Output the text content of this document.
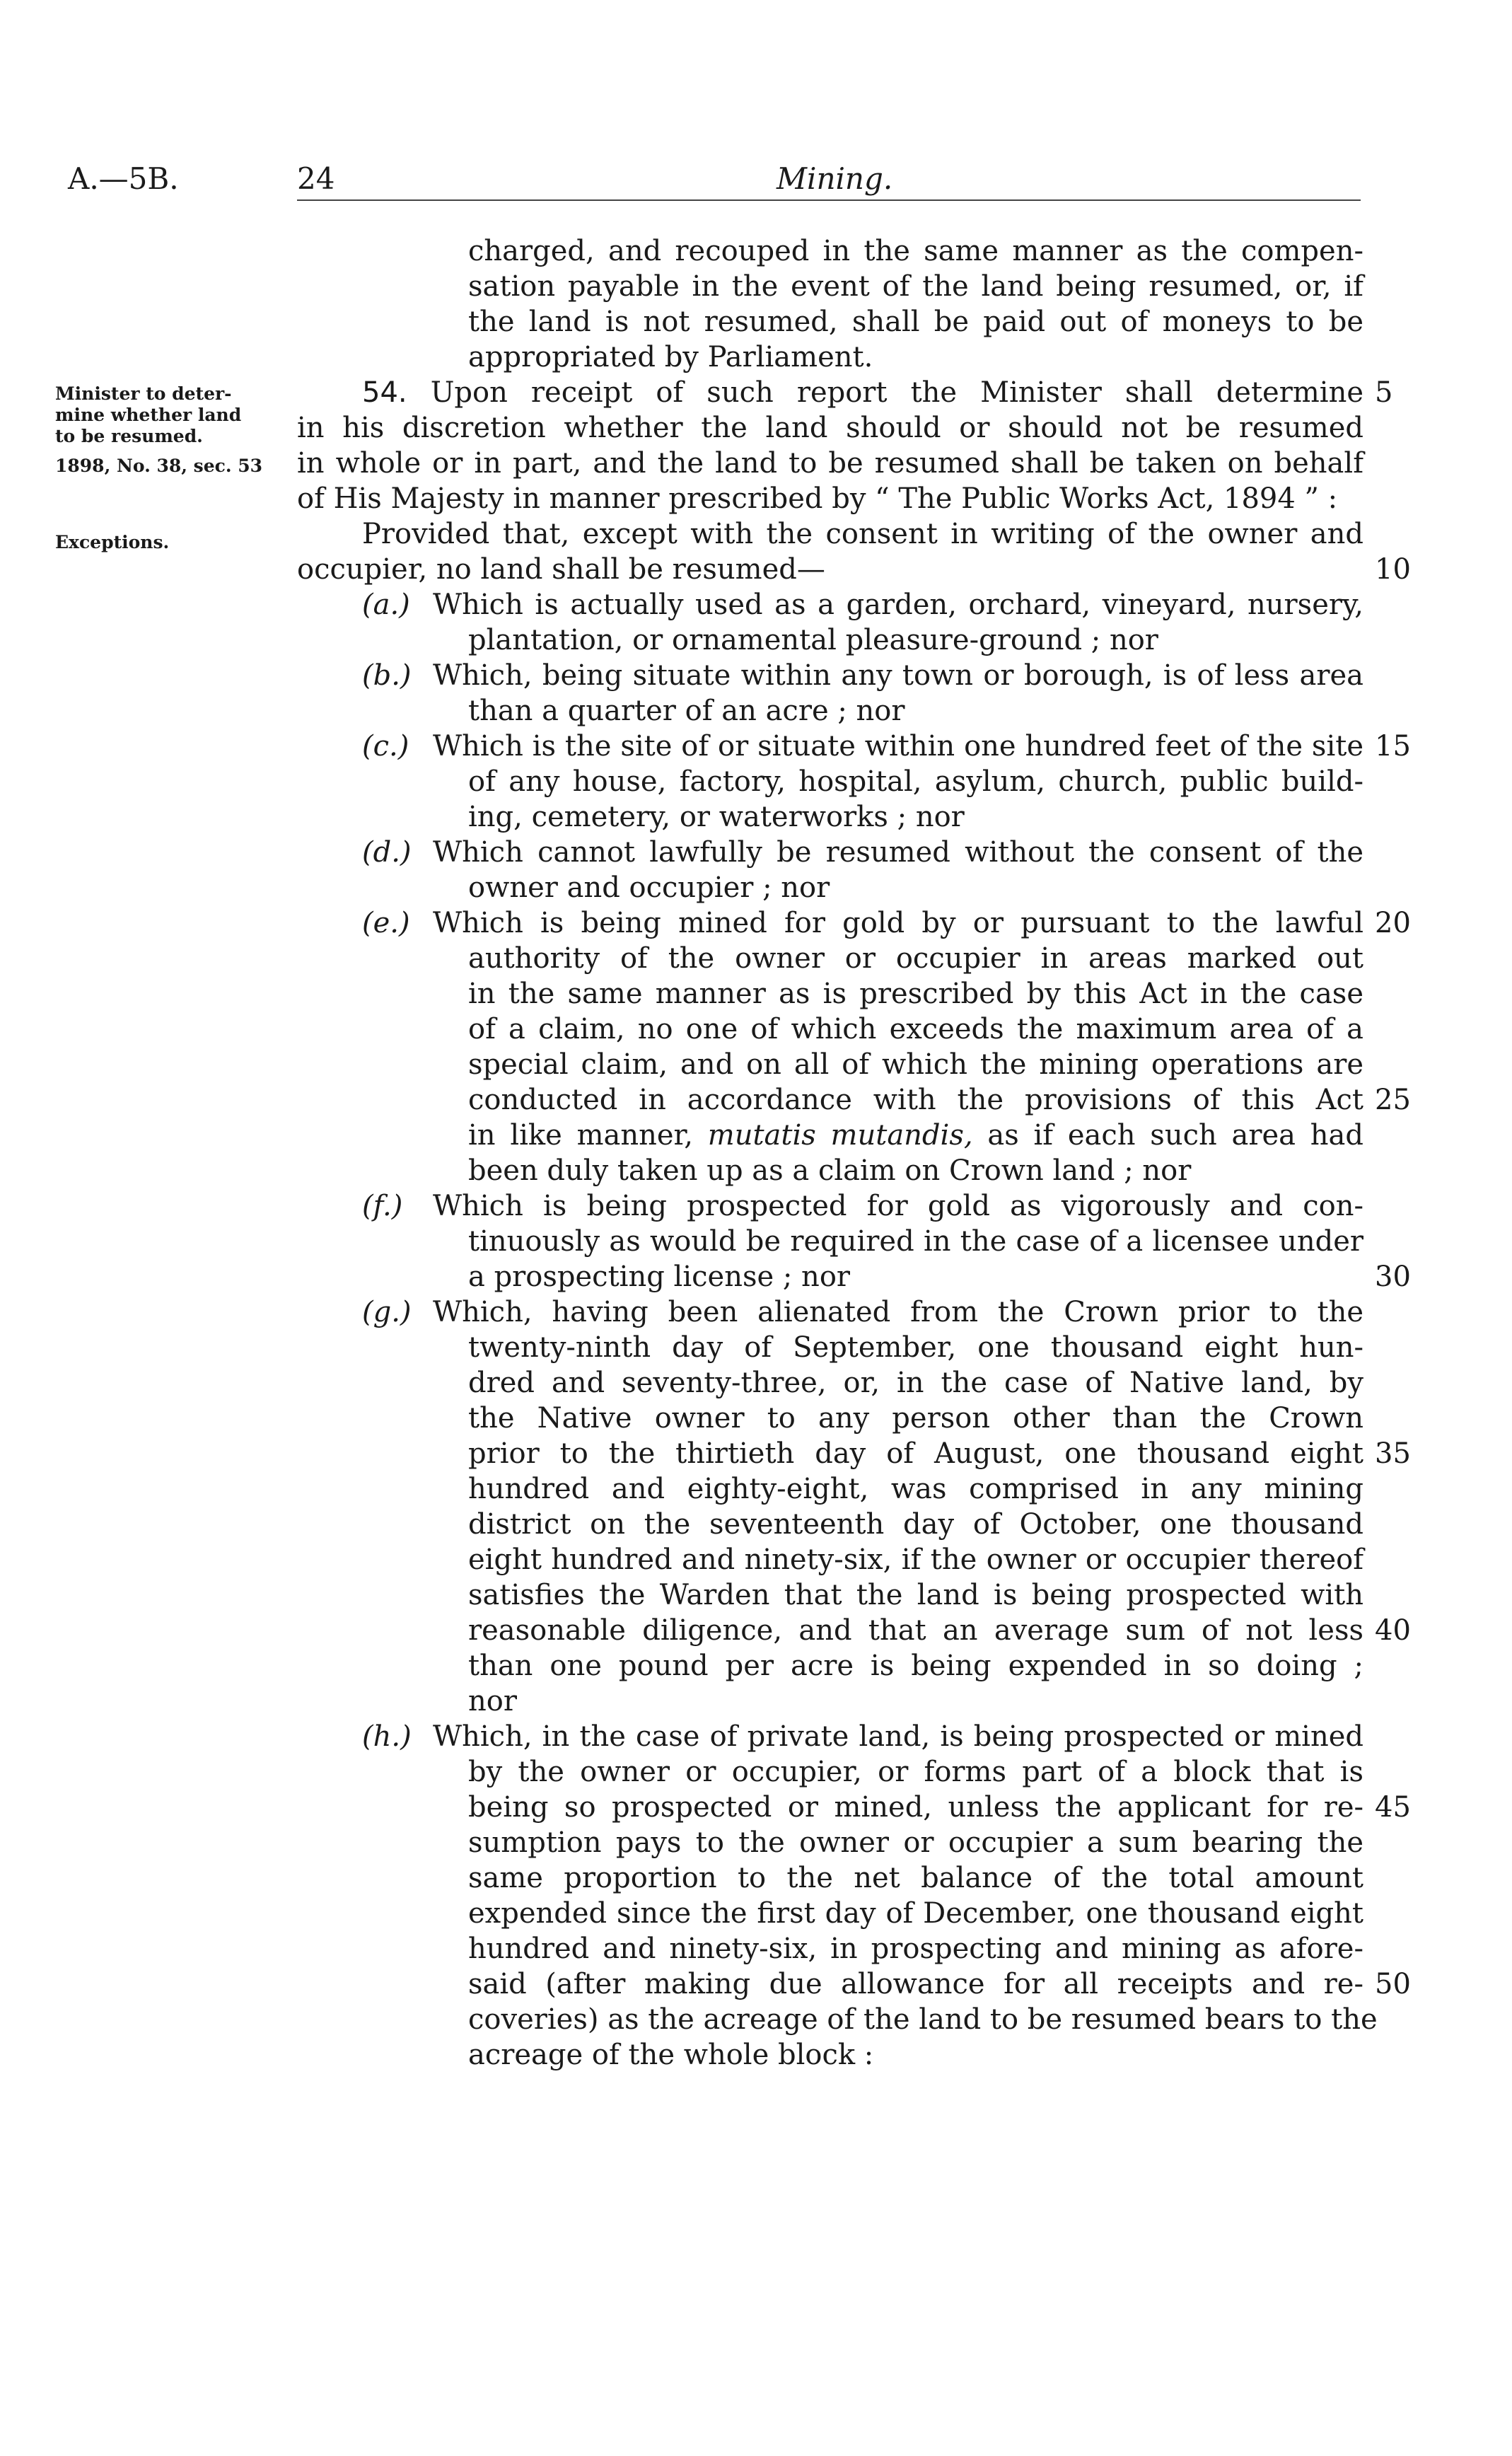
A.—5B.	24	Mining.
Minister to deter-
mine whether land
to be resumed.
1898, No. 38, sec. 53
Exceptions.
charged, and recouped in the same manner as the compen-
sation payable in the event of the land being resumed, or, if
the land is not resumed, shall be paid out of moneys to be
appropriated by Parliament.
54. Upon receipt of such report the Minister shall determine
in his discretion whether the land should or should not be resumed
in whole or in part, and the land to be resumed shall be taken on behalf
of His Majesty in manner prescribed by “ The Public Works Act, 1894 ” :
Provided that, except with the consent in writing of the owner and
occupier, no land shall be resumed—
(a.) Which is actually used as a garden, orchard, vineyard, nursery,
plantation, or ornamental pleasure-ground ; nor
(b.) Which, being situate within any town or borough, is of less area
than a quarter of an acre ; nor
(c.) Which is the site of or situate within one hundred feet of the site
of any house, factory, hospital, asylum, church, public build-
ing, cemetery, or waterworks ; nor
(d.) Which cannot lawfully be resumed without the consent of the
owner and occupier ; nor
(e.) Which is being mined for gold by or pursuant to the lawful
authority of the owner or occupier in areas marked out
in the same manner as is prescribed by this Act in the case
of a claim, no one of which exceeds the maximum area of a
special claim, and on all of which the mining operations are
conducted in accordance with the provisions of this Act
in like manner, mutatis mutandis, as if each such area had
been duly taken up as a claim on Crown land ; nor
(f.)	Which is being prospected for gold as vigorously and con-
tinuously as would be required in the case of a licensee under
a prospecting license ; nor
(g.) Which, having been alienated from the Crown prior to the
twenty-ninth day of September, one thousand eight hun-
dred and seventy-three, or, in the case of Native land, by
the Native owner to any person other than the Crown
prior to the thirtieth day of August, one thousand eight
hundred and eighty-eight, was comprised in any mining
district on the seventeenth day of October, one thousand
eight hundred and ninety-six, if the owner or occupier thereof
satisfies the Warden that the land is being prospected with
reasonable diligence, and that an average sum of not less
than one pound per acre is being expended in so doing ;
nor
(h.) Which, in the case of private land, is being prospected or mined
by the owner or occupier, or forms part of a block that is
being so prospected or mined, unless the applicant for re-
sumption pays to the owner or occupier a sum bearing the
same proportion to the net balance of the total amount
expended since the first day of December, one thousand eight
hundred and ninety-six, in prospecting and mining as afore-
said (after making due allowance for all receipts and re-
coveries) as the acreage of the land to be resumed bears to the
acreage of the whole block :
5
10
15
20
25
30
35
40
45
50
